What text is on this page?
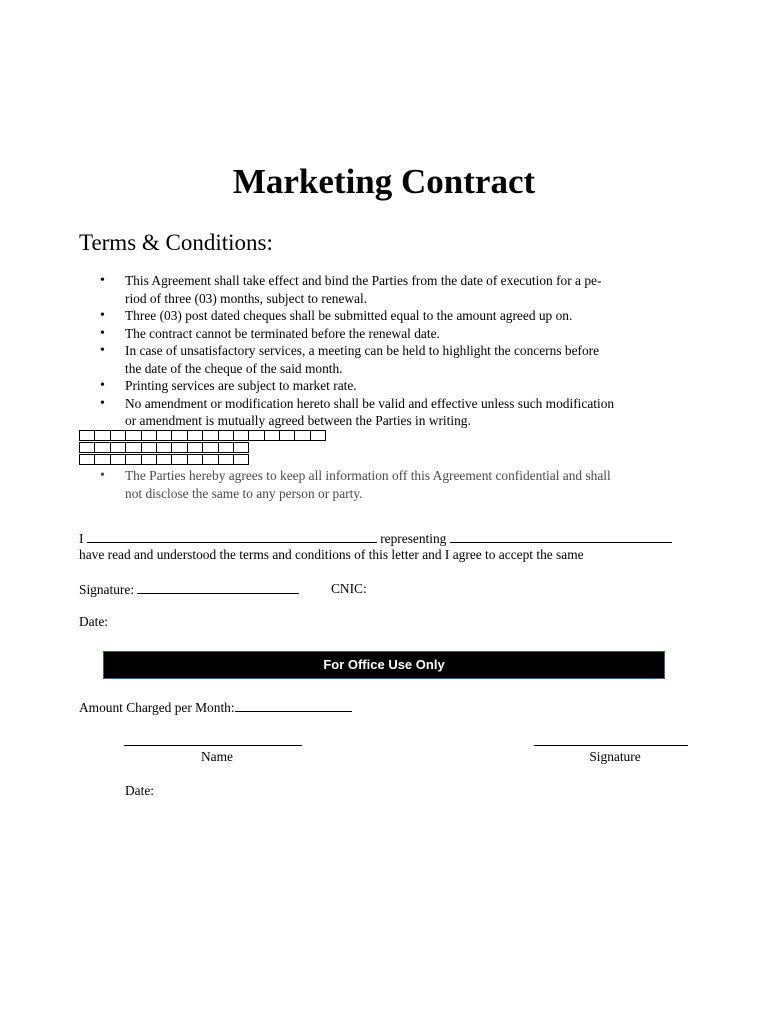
Marketing Contract
Terms & Conditions:
• This Agreement shall take effect and bind the Parties from the date of execution for a pe-
riod of three (03) months, subject to renewal.
• Three (03) post dated cheques shall be submitted equal to the amount agreed up on.
• The contract cannot be terminated before the renewal date.
• In case of unsatisfactory services, a meeting can be held to highlight the concerns before
the date of the cheque of the said month.
• Printing services are subject to market rate.
• No amendment or modification hereto shall be valid and effective unless such modification
or amendment is mutually agreed between the Parties in writing.

• The Parties hereby agrees to keep all information off this Agreement confidential and shall
not disclose the same to any person or party.
I	representing
have read and understood the terms and conditions of this letter and I agree to accept the same
Signature:	CNIC:
Date:
For Office Use Only
Amount Charged per Month:
Name	Signature
Date:
